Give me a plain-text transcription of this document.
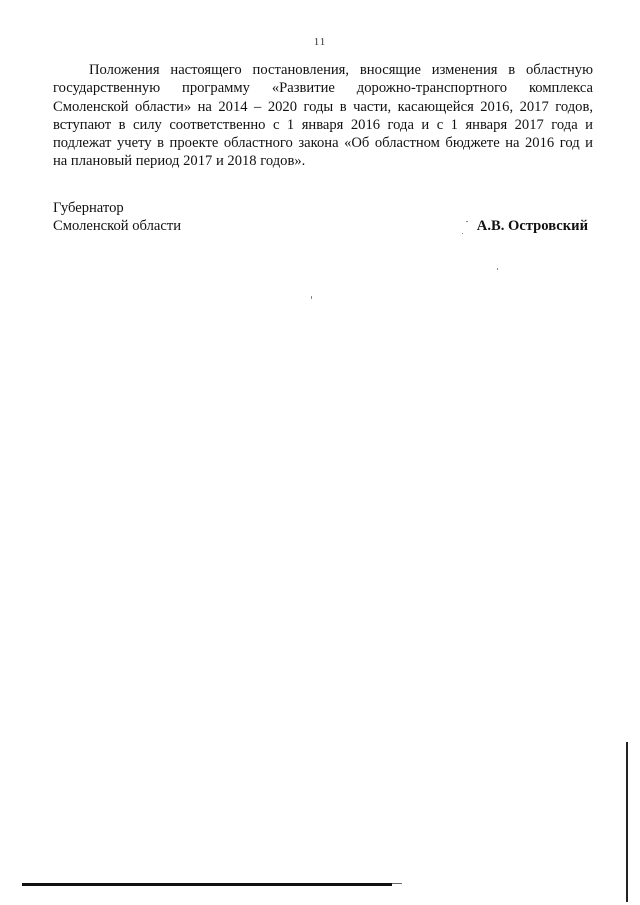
11
Положения настоящего постановления, вносящие изменения в областную
государственную программу «Развитие дорожно-транспортного комплекса
Смоленской области» на 2014 – 2020 годы в части, касающейся 2016, 2017 годов,
вступают в силу соответственно с 1 января 2016 года и с 1 января 2017 года и
подлежат учету в проекте областного закона «Об областном бюджете на 2016 год и
на плановый период 2017 и 2018 годов».
Губернатор
Смоленской области	А.В. Островский
